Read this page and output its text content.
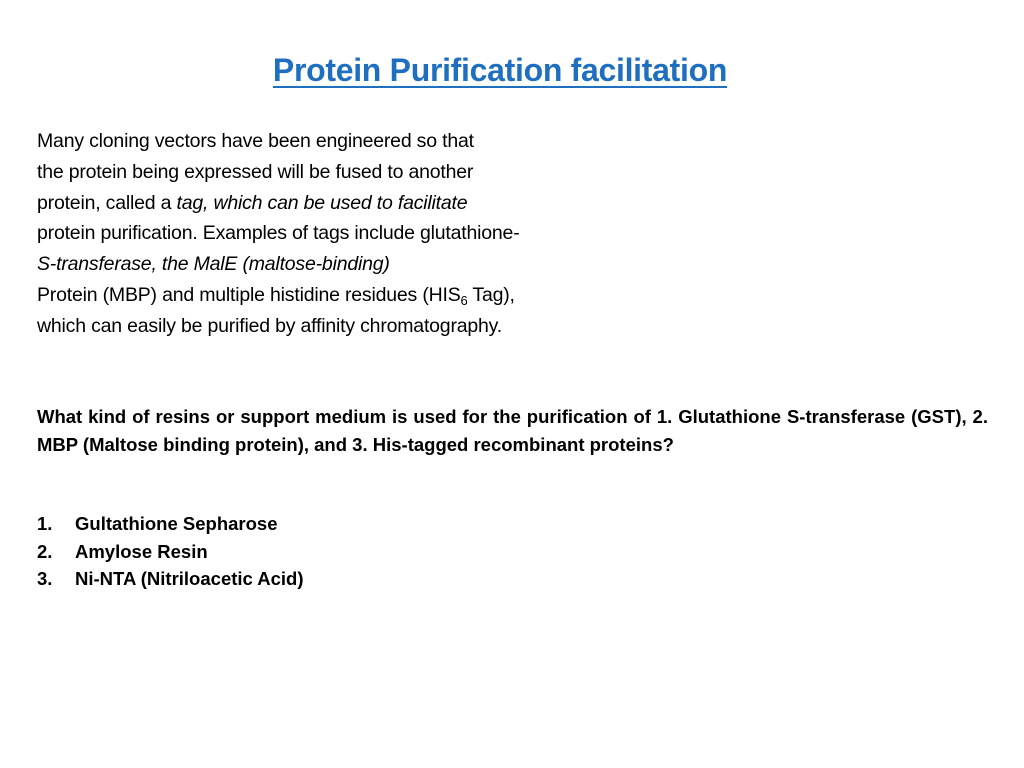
Protein Purification facilitation
Many cloning vectors have been engineered so that
the protein being expressed will be fused to another
protein, called a tag, which can be used to facilitate
protein purification. Examples of tags include glutathione-
S-transferase, the MalE (maltose-binding)
Protein (MBP) and multiple histidine residues ($HIS_6$ Tag),
which can easily be purified by affinity chromatography.
What kind of resins or support medium is used for the purification of 1. Glutathione S-transferase (GST), 2. MBP (Maltose binding protein), and 3. His-tagged recombinant proteins?
1.	Gultathione Sepharose
2.	Amylose Resin
3.	Ni-NTA (Nitriloacetic Acid)
